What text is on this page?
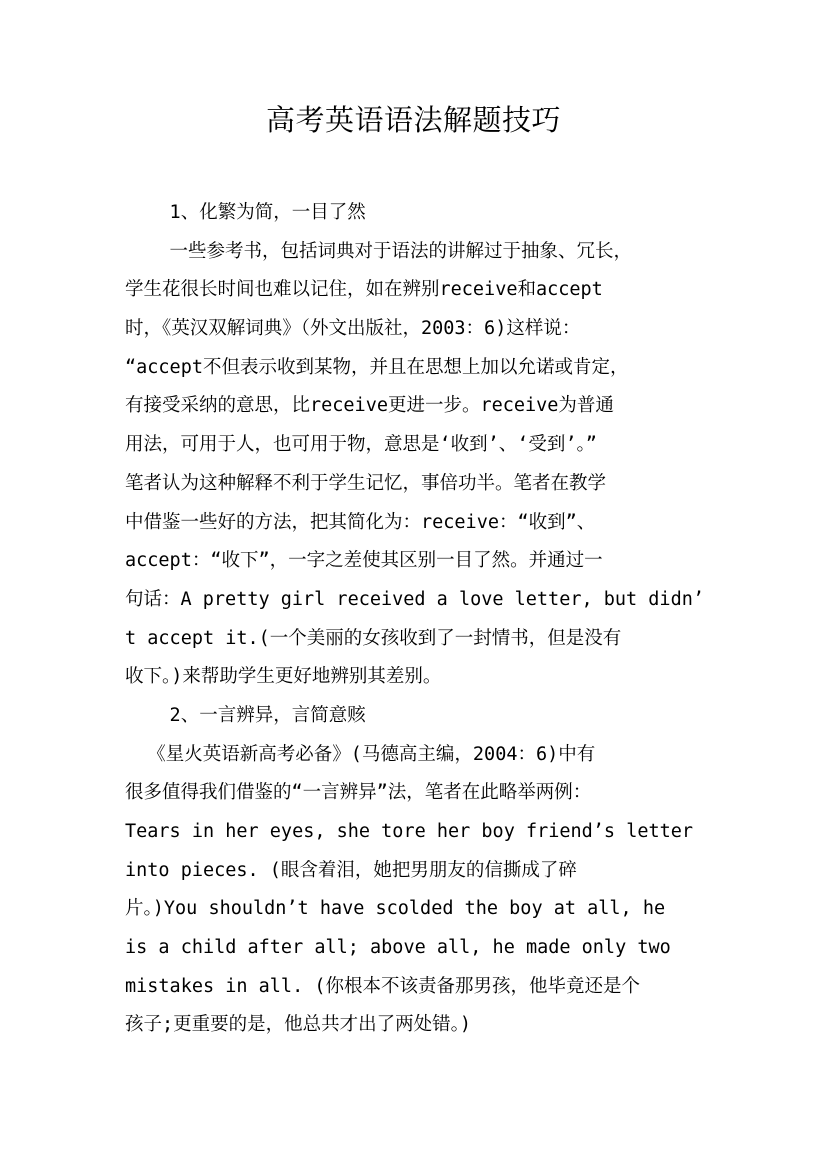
高考英语语法解题技巧
1、化繁为简，一目了然
一些参考书，包括词典对于语法的讲解过于抽象、冗长，
学生花很长时间也难以记住，如在辨别receive和accept
时，《英汉双解词典》（外文出版社，2003：6)这样说：
“accept不但表示收到某物，并且在思想上加以允诺或肯定，
有接受采纳的意思，比receive更进一步。receive为普通
用法，可用于人，也可用于物，意思是‘收到’、‘受到’。”
笔者认为这种解释不利于学生记忆，事倍功半。笔者在教学
中借鉴一些好的方法，把其简化为：receive：“收到”、
accept：“收下”，一字之差使其区别一目了然。并通过一
句话：A pretty girl received a love letter, but didn’
t accept it.(一个美丽的女孩收到了一封情书，但是没有
收下。)来帮助学生更好地辨别其差别。
2、一言辨异，言简意赅
《星火英语新高考必备》(马德高主编，2004：6)中有
很多值得我们借鉴的“一言辨异”法，笔者在此略举两例：
Tears in her eyes, she tore her boy friend’s letter
into pieces. (眼含着泪，她把男朋友的信撕成了碎
片。)You shouldn’t have scolded the boy at all, he
is a child after all; above all, he made only two
mistakes in all. (你根本不该责备那男孩，他毕竟还是个
孩子;更重要的是，他总共才出了两处错。)
